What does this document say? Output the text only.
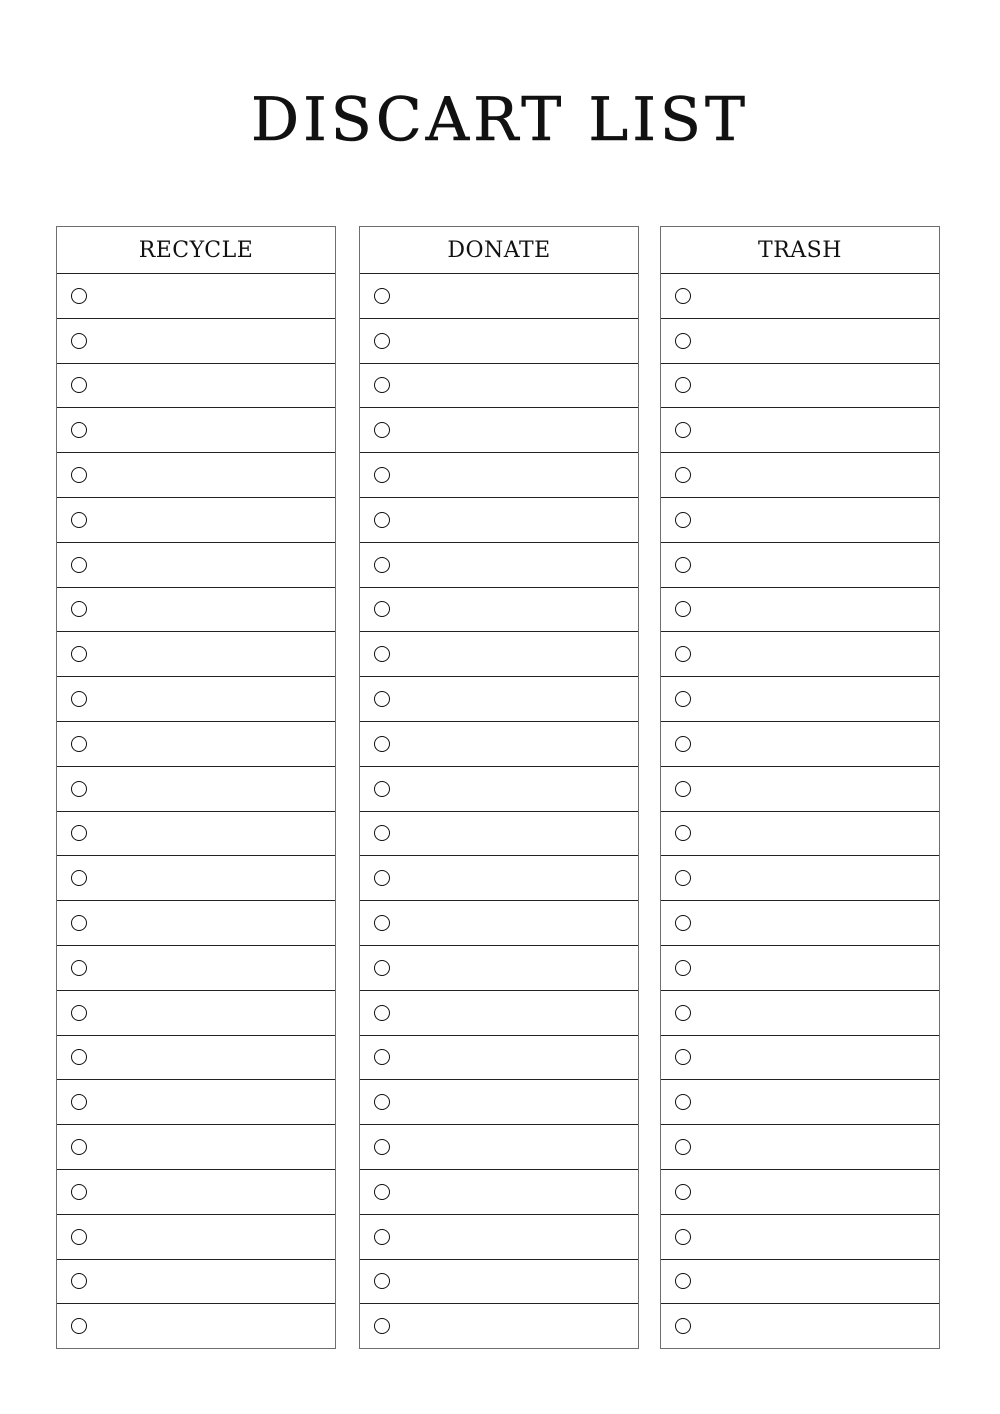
DISCART LIST
RECYCLE	DONATE	TRASH
